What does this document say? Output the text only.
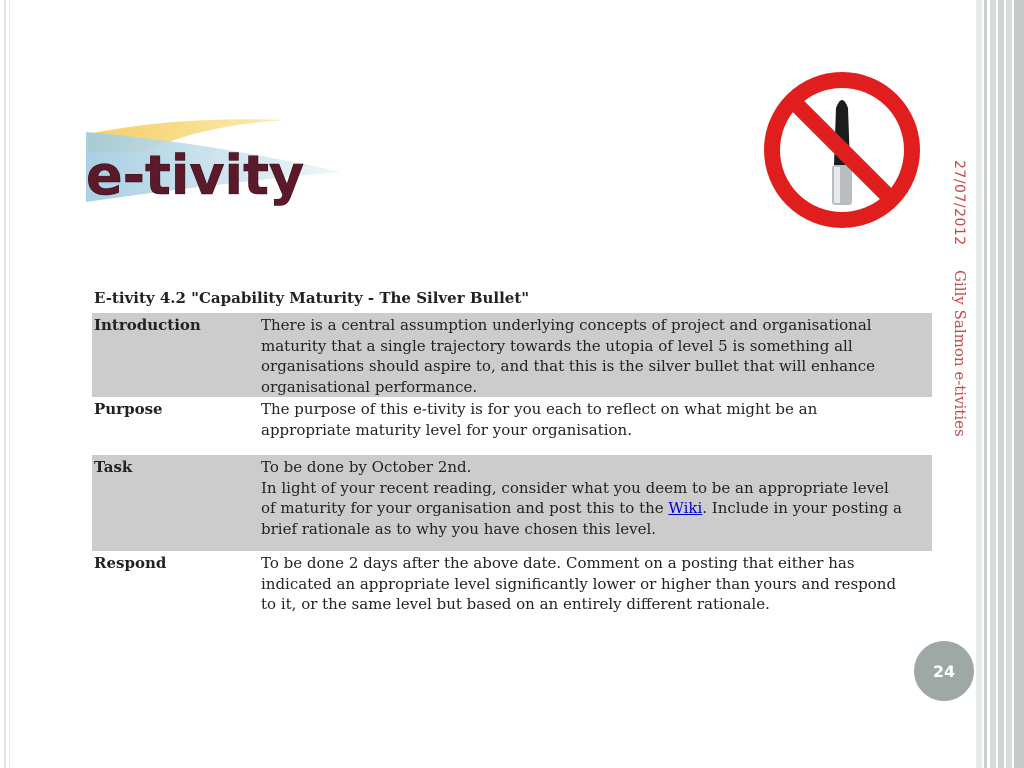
e-tivity	27/07/2012
Gilly Salmon e-tivities
E-tivity 4.2 "Capability Maturity - The Silver Bullet"
Introduction	There is a central assumption underlying concepts of project and organisational
maturity that a single trajectory towards the utopia of level 5 is something all
organisations should aspire to, and that this is the silver bullet that will enhance
organisational performance.
Purpose	The purpose of this e-tivity is for you each to reflect on what might be an
appropriate maturity level for your organisation.
Task	To be done by October 2nd.
In light of your recent reading, consider what you deem to be an appropriate level
of maturity for your organisation and post this to the Wiki. Include in your posting a
brief rationale as to why you have chosen this level.
Respond	To be done 2 days after the above date. Comment on a posting that either has
indicated an appropriate level significantly lower or higher than yours and respond
to it, or the same level but based on an entirely different rationale.
24
